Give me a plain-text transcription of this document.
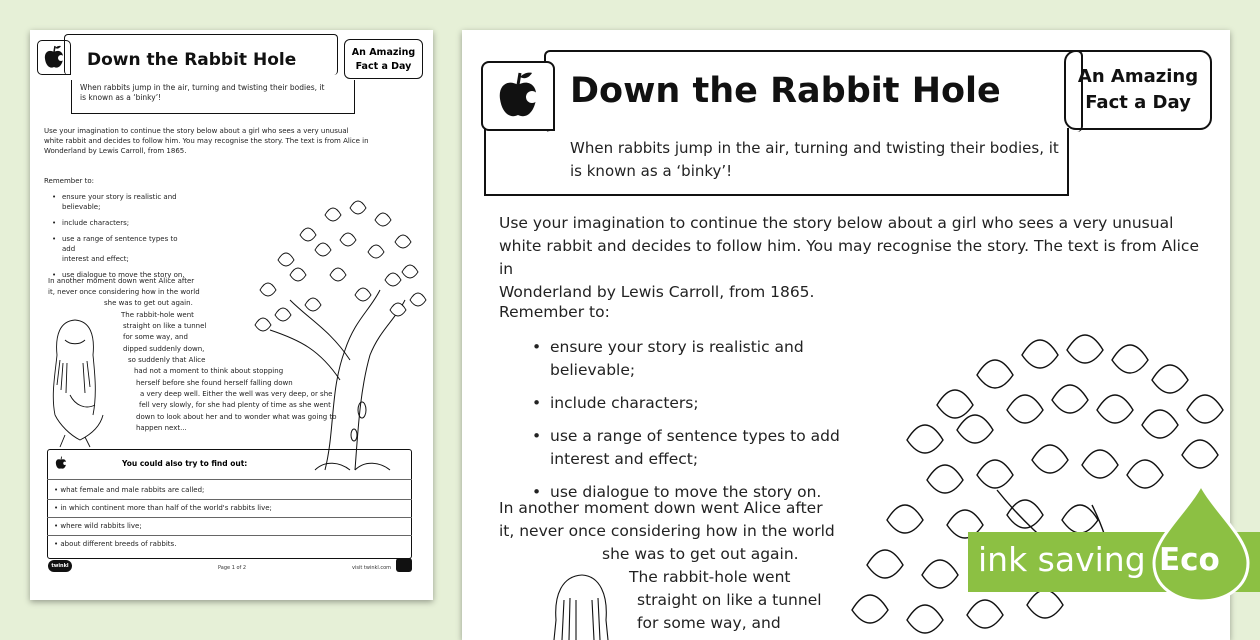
Down the Rabbit Hole	An Amazing
Fact a Day
When rabbits jump in the air, turning and twisting their bodies, it
is known as a ‘binky’!
Use your imagination to continue the story below about a girl who sees a very unusual
white rabbit and decides to follow him. You may recognise the story. The text is from Alice in
Wonderland by Lewis Carroll, from 1865.
Remember to:
• ensure your story is realistic and believable;
• include characters;
• use a range of sentence types to add
interest and effect;
• use dialogue to move the story on.
In another moment down went Alice after
it, never once considering how in the world
she was to get out again.
The rabbit-hole went
straight on like a tunnel
for some way, and
dipped suddenly down,
so suddenly that Alice
had not a moment to think about stopping
herself before she found herself falling down
a very deep well. Either the well was very deep, or she
fell very slowly, for she had plenty of time as she went
down to look about her and to wonder what was going to
happen next...
You could also try to find out:
• what female and male rabbits are called;
• in which continent more than half of the world's rabbits live;
• where wild rabbits live;
• about different breeds of rabbits.
twinkl	Page 1 of 2	visit twinkl.com
Down the Rabbit Hole	An Amazing
Fact a Day
When rabbits jump in the air, turning and twisting their bodies, it
is known as a ‘binky’!
Use your imagination to continue the story below about a girl who sees a very unusual
white rabbit and decides to follow him. You may recognise the story. The text is from Alice in
Wonderland by Lewis Carroll, from 1865.
Remember to:
• ensure your story is realistic and believable;
• include characters;
• use a range of sentence types to add
interest and effect;
• use dialogue to move the story on.
In another moment down went Alice after
it, never once considering how in the world
she was to get out again.
The rabbit-hole went
straight on like a tunnel
for some way, and
ink saving Eco
